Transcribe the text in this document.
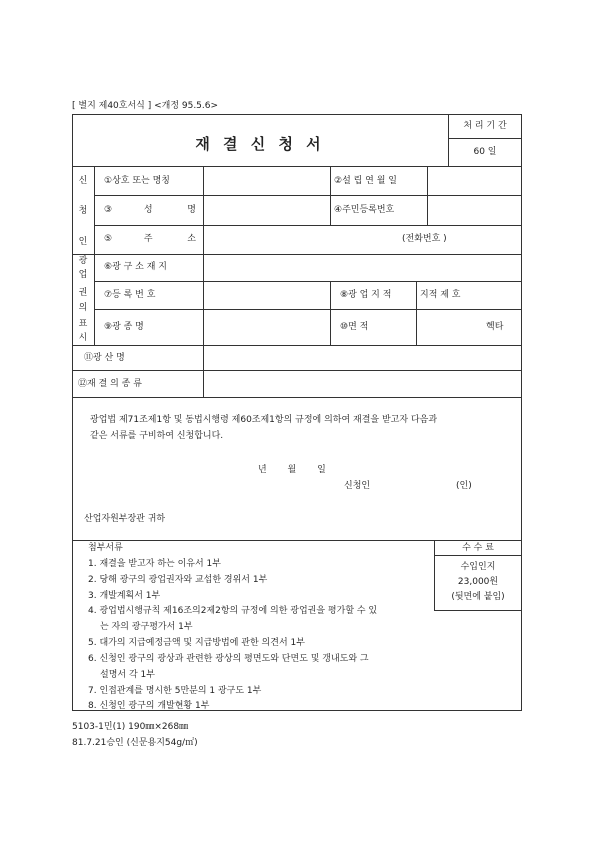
[ 별지 제40호서식 ] <개정 95.5.6>
재 결 신 청 서
처 리 기 간
60 일
신
청
인
광
업
권
의
표
시
①상호 또는 명칭	②설 립 연 월 일
③성 명	④주민등록번호
⑤주 소	(전화번호 )
⑥광 구 소 재 지
⑦등 록 번 호	⑧광 업 지 적	지적 제 호
⑨광 종 명	⑩면 적	헥타
⑪광 산 명
⑫재 결 의 종 류
광업법 제71조제1항 및 동법시행령 제60조제1항의 규정에 의하여 재결을 받고자 다음과
같은 서류를 구비하여 신청합니다.
년 월 일
신청인	(인)
산업자원부장관 귀하
첨부서류
1. 재결을 받고자 하는 이유서 1부
2. 당해 광구의 광업권자와 교섭한 경위서 1부
3. 개발계획서 1부
4. 광업법시행규칙 제16조의2제2항의 규정에 의한 광업권을 평가할 수 있
는 자의 광구평가서 1부
5. 대가의 지급예정금액 및 지급방법에 관한 의견서 1부
6. 신청인 광구의 광상과 관련한 광상의 평면도와 단면도 및 갱내도와 그
설명서 각 1부
7. 인접관계를 명시한 5만분의 1 광구도 1부
8. 신청인 광구의 개발현황 1부
수 수 료
수입인지
23,000원
(뒷면에 붙임)
5103-1민(1) 190㎜×268㎜
81.7.21승인 (신문용지54g/㎡)
